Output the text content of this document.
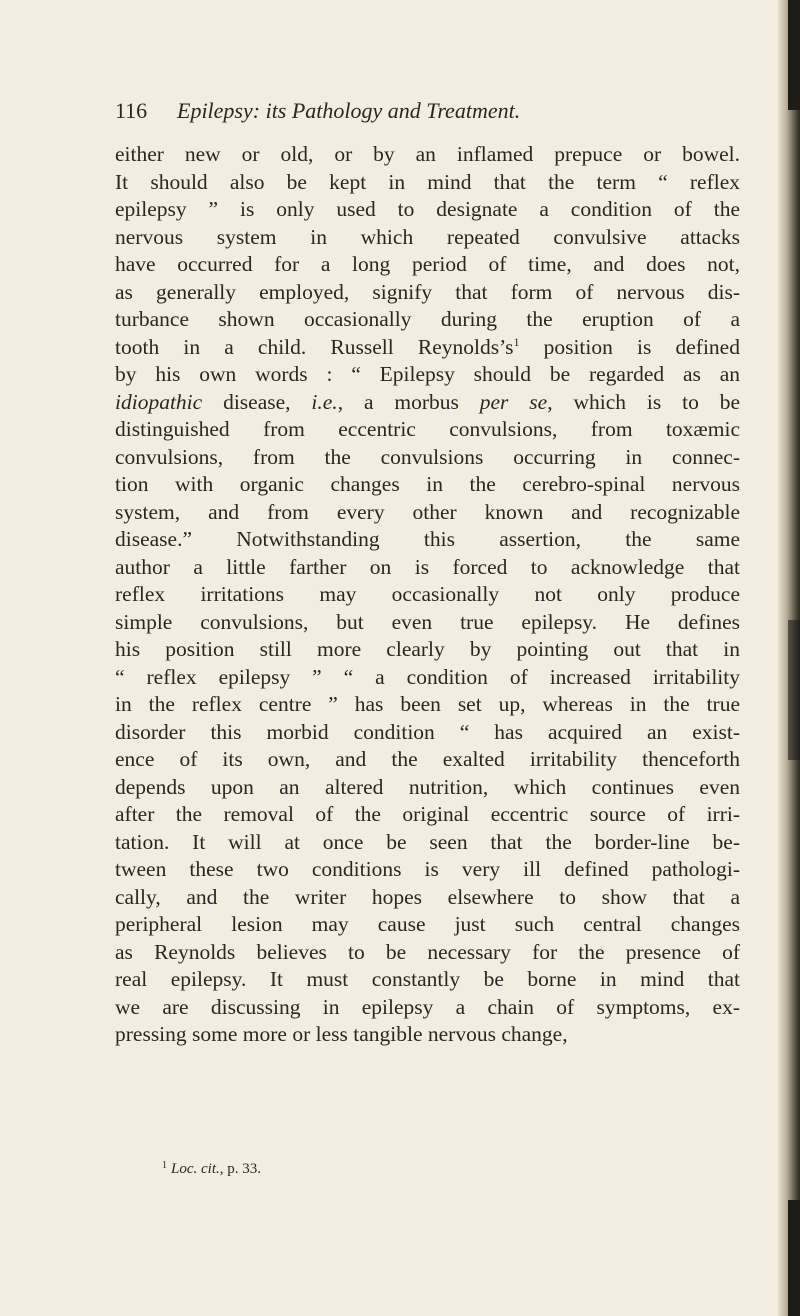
116 Epilepsy: its Pathology and Treatment.
either new or old, or by an inflamed prepuce or bowel.
It should also be kept in mind that the term “ reflex
epilepsy ” is only used to designate a condition of the
nervous system in which repeated convulsive attacks
have occurred for a long period of time, and does not,
as generally employed, signify that form of nervous dis-
turbance shown occasionally during the eruption of a
tooth in a child. Russell $Reynolds’s^1$ position is defined
by his own words : “ Epilepsy should be regarded as an
idiopathic disease, i.e., a morbus per se, which is to be
distinguished from eccentric convulsions, from toxæmic
convulsions, from the convulsions occurring in connec-
tion with organic changes in the cerebro-spinal nervous
system, and from every other known and recognizable
disease.” Notwithstanding this assertion, the same
author a little farther on is forced to acknowledge that
reflex irritations may occasionally not only produce
simple convulsions, but even true epilepsy. He defines
his position still more clearly by pointing out that in
“ reflex epilepsy ” “ a condition of increased irritability
in the reflex centre ” has been set up, whereas in the true
disorder this morbid condition “ has acquired an exist-
ence of its own, and the exalted irritability thenceforth
depends upon an altered nutrition, which continues even
after the removal of the original eccentric source of irri-
tation. It will at once be seen that the border-line be-
tween these two conditions is very ill defined pathologi-
cally, and the writer hopes elsewhere to show that a
peripheral lesion may cause just such central changes
as Reynolds believes to be necessary for the presence of
real epilepsy. It must constantly be borne in mind that
we are discussing in epilepsy a chain of symptoms, ex-
pressing some more or less tangible nervous change,
$^1$ Loc. cit., p. 33.
